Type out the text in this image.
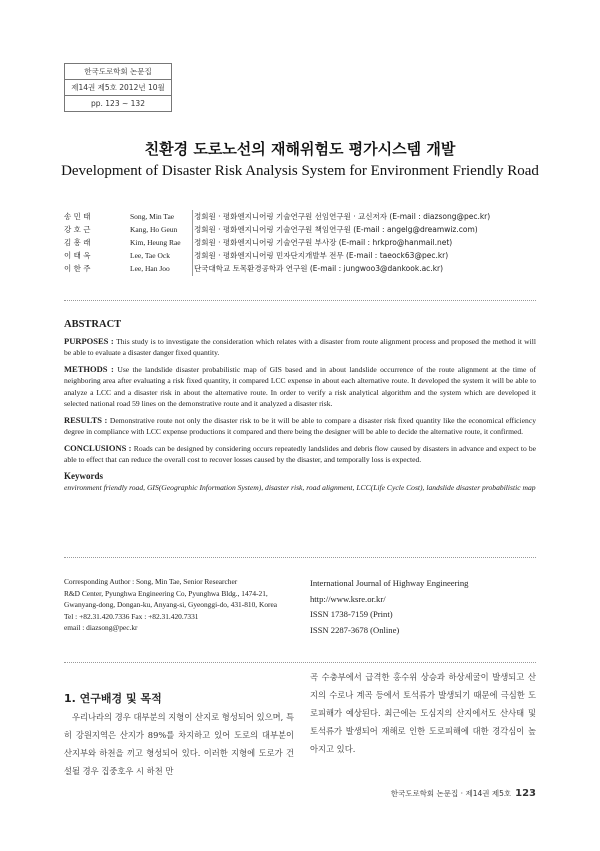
한국도로학회 논문집
제14권 제5호 2012년 10월
pp. 123 ~ 132
친환경 도로노선의 재해위험도 평가시스템 개발
Development of Disaster Risk Analysis System for Environment Friendly Road
송 민 태	Song, Min Tae	정회원 · 평화엔지니어링 기술연구원 선임연구원 · 교신저자 (E-mail : diazsong@pec.kr)
강 호 근	Kang, Ho Geun	정회원 · 평화엔지니어링 기술연구원 책임연구원 (E-mail : angelg@dreamwiz.com)
김 흥 래	Kim, Heung Rae	정회원 · 평화엔지니어링 기술연구원 부사장 (E-mail : hrkpro@hanmail.net)
이 태 옥	Lee, Tae Ock	정회원 · 평화엔지니어링 민자단지개발부 전무 (E-mail : taeock63@pec.kr)
이 한 주	Lee, Han Joo	단국대학교 토목환경공학과 연구원 (E-mail : jungwoo3@dankook.ac.kr)
ABSTRACT

PURPOSES : This study is to investigate the consideration which relates with a disaster from route alignment process and proposed the method it will be able to evaluate a disaster danger fixed quantity.

METHODS : Use the landslide disaster probabilistic map of GIS based and in about landslide occurrence of the route alignment at the time of neighboring area after evaluating a risk fixed quantity, it compared LCC expense in about each alternative route. It developed the system it will be able to analyze a LCC and a disaster risk in about the alternative route. In order to verify a risk analytical algorithm and the system which are developed it selected national road 59 lines on the demonstrative route and it analyzed a disaster risk.

RESULTS : Demonstrative route not only the disaster risk to be it will be able to compare a disaster risk fixed quantity like the economical efficiency degree in compliance with LCC expense productions it compared and there being the designer will be able to decide the alternative route, it confirmed.

CONCLUSIONS : Roads can be designed by considering occurs repeatedly landslides and debris flow caused by disasters in advance and expect to be able to effect that can reduce the overall cost to recover losses caused by the disaster, and temporally loss is expected.

Keywords
environment friendly road, GIS(Geographic Information System), disaster risk, road alignment, LCC(Life Cycle Cost), landslide disaster probabilistic map
Corresponding Author : Song, Min Tae, Senior Researcher
R&D Center, Pyunghwa Engineering Co, Pyunghwa Bldg., 1474-21,
Gwanyang-dong, Dongan-ku, Anyang-si, Gyeonggi-do, 431-810, Korea
Tel : +82.31.420.7336 Fax : +82.31.420.7331
email : diazsong@pec.kr
International Journal of Highway Engineering
http://www.ksre.or.kr/
ISSN 1738-7159 (Print)
ISSN 2287-3678 (Online)
1. 연구배경 및 목적
우리나라의 경우 대부분의 지형이 산지로 형성되어 있으며, 특히 강원지역은 산지가 89%를 차지하고 있어 도로의 대부분이 산지부와 하천을 끼고 형성되어 있다. 이러한 지형에 도로가 건설될 경우 집중호우 시 하천 만
곡 수충부에서 급격한 홍수위 상승과 하상세굴이 발생되고 산지의 수로나 계곡 등에서 토석류가 발생되기 때문에 극심한 도로피해가 예상된다. 최근에는 도심지의 산지에서도 산사태 및 토석류가 발생되어 재해로 인한 도로피해에 대한 경각심이 높아지고 있다.
한국도로학회 논문집 · 제14권 제5호 123
